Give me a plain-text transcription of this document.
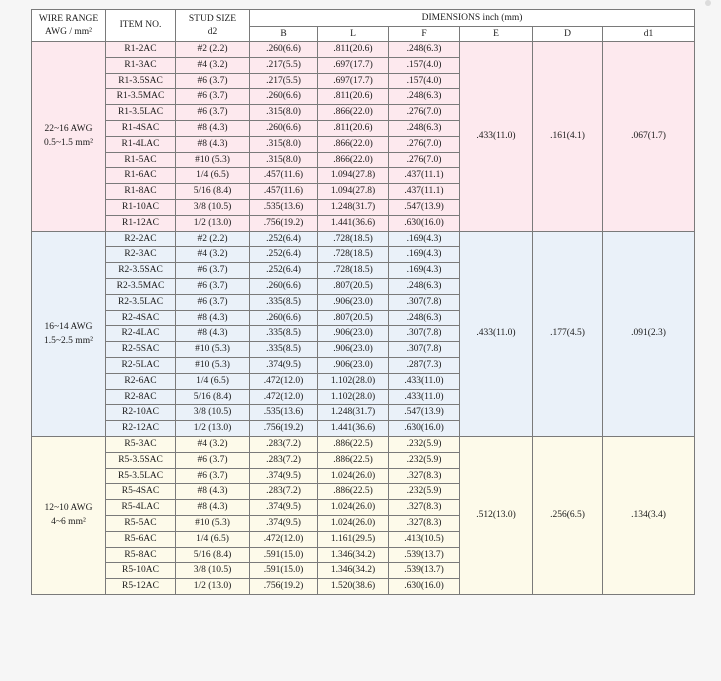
WIRE RANGE
AWG / mm²	ITEM NO.	STUD SIZE
d2	DIMENSIONS inch (mm)					
			B	L	F	E	D	d1

22~16 AWG
0.5~1.5 mm²	R1-2AC	#2 (2.2)	.260(6.6)	.811(20.6)	.248(6.3)	.433(11.0)	.161(4.1)	.067(1.7)
	R1-3AC	#4 (3.2)	.217(5.5)	.697(17.7)	.157(4.0)			
	R1-3.5SAC	#6 (3.7)	.217(5.5)	.697(17.7)	.157(4.0)			
	R1-3.5MAC	#6 (3.7)	.260(6.6)	.811(20.6)	.248(6.3)			
	R1-3.5LAC	#6 (3.7)	.315(8.0)	.866(22.0)	.276(7.0)			
	R1-4SAC	#8 (4.3)	.260(6.6)	.811(20.6)	.248(6.3)			
	R1-4LAC	#8 (4.3)	.315(8.0)	.866(22.0)	.276(7.0)			
	R1-5AC	#10 (5.3)	.315(8.0)	.866(22.0)	.276(7.0)			
	R1-6AC	1/4 (6.5)	.457(11.6)	1.094(27.8)	.437(11.1)			
	R1-8AC	5/16 (8.4)	.457(11.6)	1.094(27.8)	.437(11.1)			
	R1-10AC	3/8 (10.5)	.535(13.6)	1.248(31.7)	.547(13.9)			
	R1-12AC	1/2 (13.0)	.756(19.2)	1.441(36.6)	.630(16.0)			

16~14 AWG
1.5~2.5 mm²	R2-2AC	#2 (2.2)	.252(6.4)	.728(18.5)	.169(4.3)	.433(11.0)	.177(4.5)	.091(2.3)
	R2-3AC	#4 (3.2)	.252(6.4)	.728(18.5)	.169(4.3)			
	R2-3.5SAC	#6 (3.7)	.252(6.4)	.728(18.5)	.169(4.3)			
	R2-3.5MAC	#6 (3.7)	.260(6.6)	.807(20.5)	.248(6.3)			
	R2-3.5LAC	#6 (3.7)	.335(8.5)	.906(23.0)	.307(7.8)			
	R2-4SAC	#8 (4.3)	.260(6.6)	.807(20.5)	.248(6.3)			
	R2-4LAC	#8 (4.3)	.335(8.5)	.906(23.0)	.307(7.8)			
	R2-5SAC	#10 (5.3)	.335(8.5)	.906(23.0)	.307(7.8)			
	R2-5LAC	#10 (5.3)	.374(9.5)	.906(23.0)	.287(7.3)			
	R2-6AC	1/4 (6.5)	.472(12.0)	1.102(28.0)	.433(11.0)			
	R2-8AC	5/16 (8.4)	.472(12.0)	1.102(28.0)	.433(11.0)			
	R2-10AC	3/8 (10.5)	.535(13.6)	1.248(31.7)	.547(13.9)			
	R2-12AC	1/2 (13.0)	.756(19.2)	1.441(36.6)	.630(16.0)			

12~10 AWG
4~6 mm²	R5-3AC	#4 (3.2)	.283(7.2)	.886(22.5)	.232(5.9)	.512(13.0)	.256(6.5)	.134(3.4)
	R5-3.5SAC	#6 (3.7)	.283(7.2)	.886(22.5)	.232(5.9)			
	R5-3.5LAC	#6 (3.7)	.374(9.5)	1.024(26.0)	.327(8.3)			
	R5-4SAC	#8 (4.3)	.283(7.2)	.886(22.5)	.232(5.9)			
	R5-4LAC	#8 (4.3)	.374(9.5)	1.024(26.0)	.327(8.3)			
	R5-5AC	#10 (5.3)	.374(9.5)	1.024(26.0)	.327(8.3)			
	R5-6AC	1/4 (6.5)	.472(12.0)	1.161(29.5)	.413(10.5)			
	R5-8AC	5/16 (8.4)	.591(15.0)	1.346(34.2)	.539(13.7)			
	R5-10AC	3/8 (10.5)	.591(15.0)	1.346(34.2)	.539(13.7)			
	R5-12AC	1/2 (13.0)	.756(19.2)	1.520(38.6)	.630(16.0)			
